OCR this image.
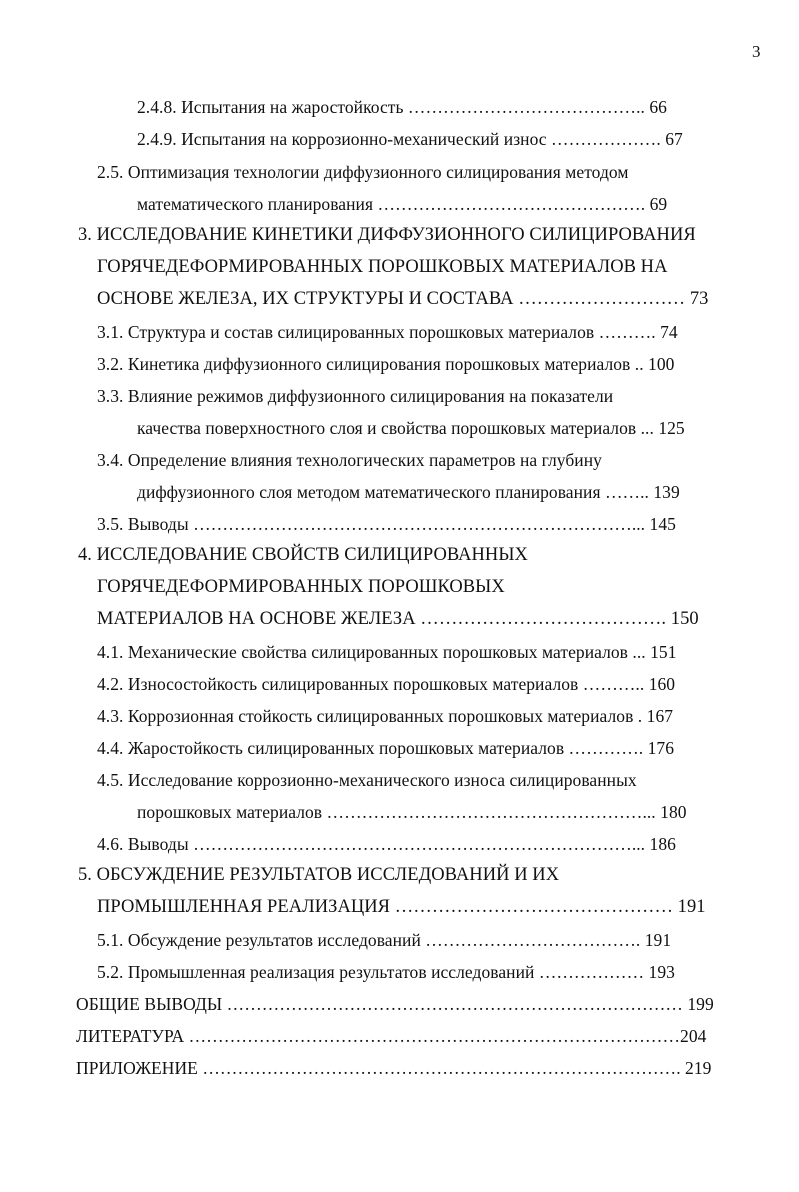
3
2.4.8. Испытания на жаростойкость ………………………………….. 66
2.4.9. Испытания на коррозионно-механический износ ………………. 67
2.5. Оптимизация технологии диффузионного силицирования методом
математического планирования ………………………………………. 69
3. ИССЛЕДОВАНИЕ КИНЕТИКИ ДИФФУЗИОННОГО СИЛИЦИРОВАНИЯ
ГОРЯЧЕДЕФОРМИРОВАННЫХ ПОРОШКОВЫХ МАТЕРИАЛОВ НА
ОСНОВЕ ЖЕЛЕЗА, ИХ СТРУКТУРЫ И СОСТАВА ……………………… 73
3.1. Структура и состав силицированных порошковых материалов ………. 74
3.2. Кинетика диффузионного силицирования порошковых материалов .. 100
3.3. Влияние режимов диффузионного силицирования на показатели
качества поверхностного слоя и свойства порошковых материалов ... 125
3.4. Определение влияния технологических параметров на глубину
диффузионного слоя методом математического планирования …….. 139
3.5. Выводы …………………………………………………………………... 145
4. ИССЛЕДОВАНИЕ СВОЙСТВ СИЛИЦИРОВАННЫХ
ГОРЯЧЕДЕФОРМИРОВАННЫХ ПОРОШКОВЫХ
МАТЕРИАЛОВ НА ОСНОВЕ ЖЕЛЕЗА …………………………………. 150
4.1. Механические свойства силицированных порошковых материалов ... 151
4.2. Износостойкость силицированных порошковых материалов ……….. 160
4.3. Коррозионная стойкость силицированных порошковых материалов . 167
4.4. Жаростойкость силицированных порошковых материалов …………. 176
4.5. Исследование коррозионно-механического износа силицированных
порошковых материалов ………………………………………………... 180
4.6. Выводы …………………………………………………………………... 186
5. ОБСУЖДЕНИЕ РЕЗУЛЬТАТОВ ИССЛЕДОВАНИЙ И ИХ
ПРОМЫШЛЕННАЯ РЕАЛИЗАЦИЯ ……………………………………… 191
5.1. Обсуждение результатов исследований ………………………………. 191
5.2. Промышленная реализация результатов исследований ……………… 193
ОБЩИЕ ВЫВОДЫ …………………………………………………………………… 199
ЛИТЕРАТУРА …………………………………………………………………………204
ПРИЛОЖЕНИЕ ………………………………………………………………………. 219
